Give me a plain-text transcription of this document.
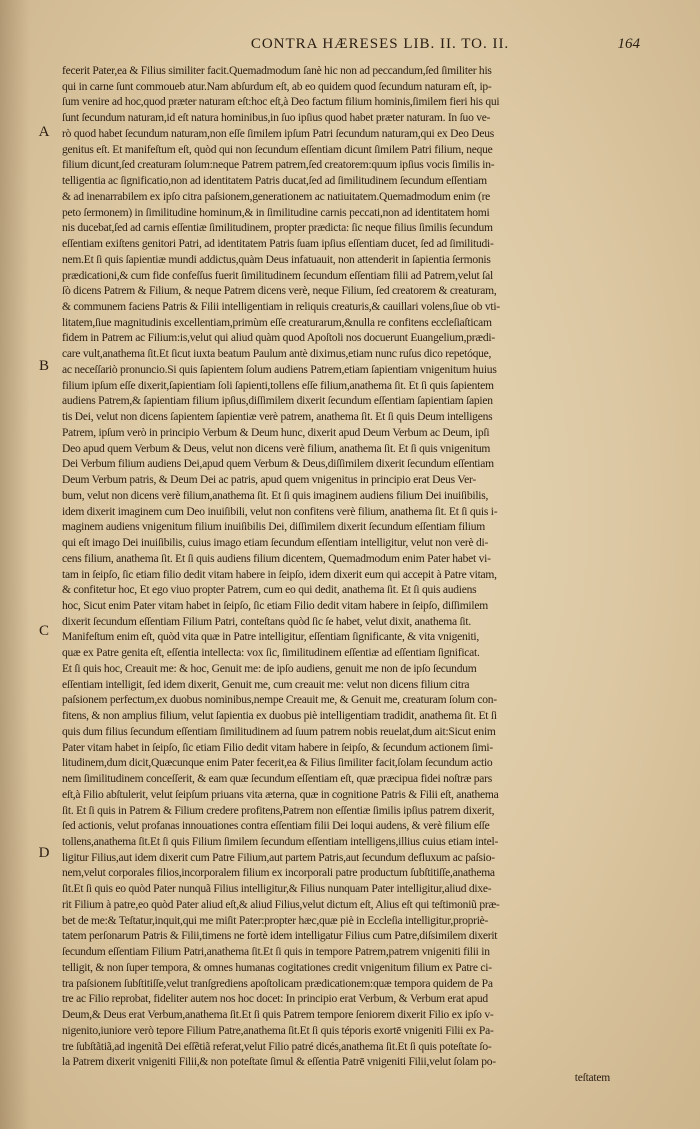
CONTRA HÆRESES LIB. II. TO. II.	164
A
B
C
D
fecerit Pater,ea & Filius similiter facit.Quemadmodum ſanè hic non ad peccandum,ſed ſimiliter his
qui in carne ſunt commoueb atur.Nam abſurdum eſt, ab eo quidem quod ſecundum naturam eſt, ip-
ſum venire ad hoc,quod præter naturam eſt:hoc eſt,à Deo factum filium hominis,ſimilem fieri his qui
ſunt ſecundum naturam,id eſt natura hominibus,in ſuo ipſius quod habet præter naturam. In ſuo ve-
rò quod habet ſecundum naturam,non eſſe ſimilem ipſum Patri ſecundum naturam,qui ex Deo Deus
genitus eſt. Et manifeſtum eſt, quòd qui non ſecundum eſſentiam dicunt ſimilem Patri filium, neque
filium dicunt,ſed creaturam ſolum:neque Patrem patrem,ſed creatorem:quum ipſius vocis ſimilis in-
telligentia ac ſignificatio,non ad identitatem Patris ducat,ſed ad ſimilitudinem ſecundum eſſentiam
& ad inenarrabilem ex ipſo citra paſsionem,generationem ac natiuitatem.Quemadmodum enim (re
peto ſermonem) in ſimilitudine hominum,& in ſimilitudine carnis peccati,non ad identitatem homi
nis ducebat,ſed ad carnis eſſentiæ ſimilitudinem, propter prædicta: ſic neque filius ſimilis ſecundum
eſſentiam exiſtens genitori Patri, ad identitatem Patris ſuam ipſius eſſentiam ducet, ſed ad ſimilitudi-
nem.Et ſi quis ſapientiæ mundi addictus,quàm Deus infatuauit, non attenderit in ſapientia ſermonis
prædicationi,& cum fide confeſſus fuerit ſimilitudinem ſecundum eſſentiam filii ad Patrem,velut ſal
ſò dicens Patrem & Filium, & neque Patrem dicens verè, neque Filium, ſed creatorem & creaturam,
& communem faciens Patris & Filii intelligentiam in reliquis creaturis,& cauillari volens,ſiue ob vti-
litatem,ſiue magnitudinis excellentiam,primùm eſſe creaturarum,&nulla re confitens eccleſiaſticam
fidem in Patrem ac Filium:is,velut qui aliud quàm quod Apoſtoli nos docuerunt Euangelium,prædi-
care vult,anathema ſit.Et ſicut iuxta beatum Paulum antè diximus,etiam nunc ruſus dico repetóque,
ac neceſſariò pronuncio.Si quis ſapientem ſolum audiens Patrem,etiam ſapientiam vnigenitum huius
filium ipſum eſſe dixerit,ſapientiam ſoli ſapienti,tollens eſſe filium,anathema ſit. Et ſi quis ſapientem
audiens Patrem,& ſapientiam filium ipſius,diſſimilem dixerit ſecundum eſſentiam ſapientiam ſapien
tis Dei, velut non dicens ſapientem ſapientiæ verè patrem, anathema ſit. Et ſi quis Deum intelligens
Patrem, ipſum verò in principio Verbum & Deum hunc, dixerit apud Deum Verbum ac Deum, ipſi
Deo apud quem Verbum & Deus, velut non dicens verè filium, anathema ſit. Et ſi quis vnigenitum
Dei Verbum filium audiens Dei,apud quem Verbum & Deus,diſſimilem dixerit ſecundum eſſentiam
Deum Verbum patris, & Deum Dei ac patris, apud quem vnigenitus in principio erat Deus Ver-
bum, velut non dicens verè filium,anathema ſit. Et ſi quis imaginem audiens filium Dei inuiſibilis,
idem dixerit imaginem cum Deo inuiſibili, velut non confitens verè filium, anathema ſit. Et ſi quis i-
maginem audiens vnigenitum filium inuiſibilis Dei, diſſimilem dixerit ſecundum eſſentiam filium
qui eſt imago Dei inuiſibilis, cuius imago etiam ſecundum eſſentiam intelligitur, velut non verè di-
cens filium, anathema ſit. Et ſi quis audiens filium dicentem, Quemadmodum enim Pater habet vi-
tam in ſeipſo, ſic etiam filio dedit vitam habere in ſeipſo, idem dixerit eum qui accepit à Patre vitam,
& confitetur hoc, Et ego viuo propter Patrem, cum eo qui dedit, anathema ſit. Et ſi quis audiens
hoc, Sicut enim Pater vitam habet in ſeipſo, ſic etiam Filio dedit vitam habere in ſeipſo, diſſimilem
dixerit ſecundum eſſentiam Filium Patri, conteſtans quòd ſic ſe habet, velut dixit, anathema ſit.
Manifeſtum enim eſt, quòd vita quæ in Patre intelligitur, eſſentiam ſignificante, & vita vnigeniti,
quæ ex Patre genita eſt, eſſentia intellecta: vox ſic, ſimilitudinem eſſentiæ ad eſſentiam ſignificat.
Et ſi quis hoc, Creauit me: & hoc, Genuit me: de ipſo audiens, genuit me non de ipſo ſecundum
eſſentiam intelligit, ſed idem dixerit, Genuit me, cum creauit me: velut non dicens filium citra
paſsionem perfectum,ex duobus nominibus,nempe Creauit me, & Genuit me, creaturam ſolum con-
fitens, & non amplius filium, velut ſapientia ex duobus piè intelligentiam tradidit, anathema ſit. Et ſi
quis dum filius ſecundum eſſentiam ſimilitudinem ad ſuum patrem nobis reuelat,dum ait:Sicut enim
Pater vitam habet in ſeipſo, ſic etiam Filio dedit vitam habere in ſeipſo, & ſecundum actionem ſimi-
litudinem,dum dicit,Quæcunque enim Pater fecerit,ea & Filius ſimiliter facit,ſolam ſecundum actio
nem ſimilitudinem conceſſerit, & eam quæ ſecundum eſſentiam eſt, quæ præcipua fidei noſtræ pars
eſt,à Filio abſtulerit, velut ſeipſum priuans vita æterna, quæ in cognitione Patris & Filii eſt, anathema
ſit. Et ſi quis in Patrem & Filium credere profitens,Patrem non eſſentiæ ſimilis ipſius patrem dixerit,
ſed actionis, velut profanas innouationes contra eſſentiam filii Dei loqui audens, & verè filium eſſe
tollens,anathema ſit.Et ſi quis Filium ſimilem ſecundum eſſentiam intelligens,illius cuius etiam intel-
ligitur Filius,aut idem dixerit cum Patre Filium,aut partem Patris,aut ſecundum defluxum ac paſsio-
nem,velut corporales filios,incorporalem filium ex incorporali patre productum ſubſtitiſſe,anathema
ſit.Et ſi quis eo quòd Pater nunquã Filius intelligitur,& Filius nunquam Pater intelligitur,aliud dixe-
rit Filium à patre,eo quòd Pater aliud eſt,& aliud Filius,velut dictum eſt, Alius eſt qui teſtimoniũ præ-
bet de me:& Teſtatur,inquit,qui me miſit Pater:propter hæc,quæ piè in Eccleſia intelligitur,propriè-
tatem perſonarum Patris & Filii,timens ne fortè idem intelligatur Filius cum Patre,diſsimilem dixerit
ſecundum eſſentiam Filium Patri,anathema ſit.Et ſi quis in tempore Patrem,patrem vnigeniti filii in
telligit, & non ſuper tempora, & omnes humanas cogitationes credit vnigenitum filium ex Patre ci-
tra paſsionem ſubſtitiſſe,velut tranſgrediens apoſtolicam prædicationem:quæ tempora quidem de Pa
tre ac Filio reprobat, fideliter autem nos hoc docet: In principio erat Verbum, & Verbum erat apud
Deum,& Deus erat Verbum,anathema ſit.Et ſi quis Patrem tempore ſeniorem dixerit Filio ex ipſo v-
nigenito,iuniore verò tepore Filium Patre,anathema ſit.Et ſi quis téporis exortē vnigeniti Filii ex Pa-
tre ſubſtãtiã,ad ingenitã Dei eſſẽtiã referat,velut Filio patré dicés,anathema ſit.Et ſi quis poteſtate ſo-
la Patrem dixerit vnigeniti Filii,& non poteſtate ſimul & eſſentia Patrē vnigeniti Filii,velut ſolam po-
teſtatem
